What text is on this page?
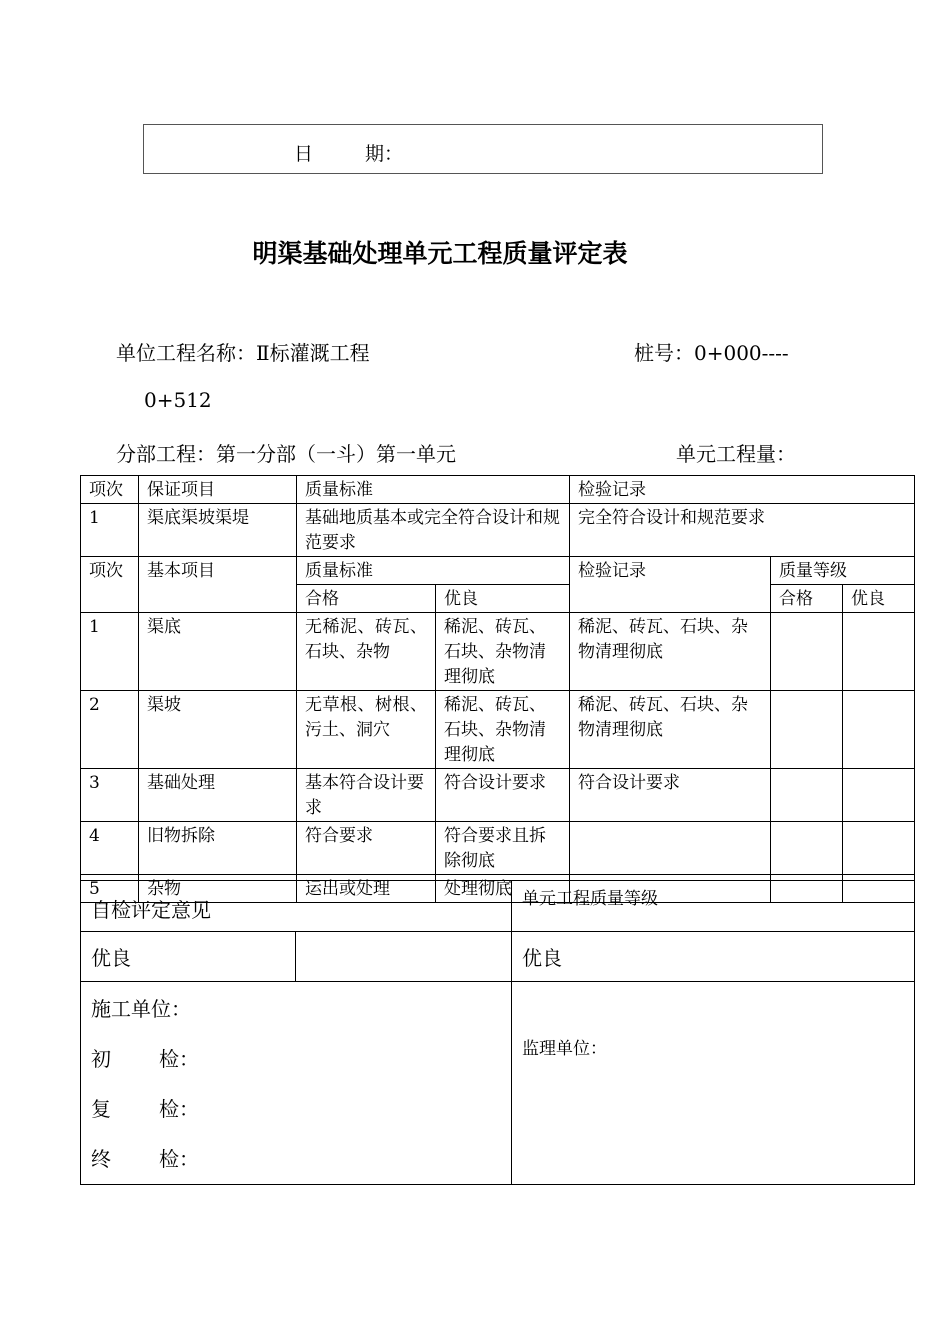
日	期：
明渠基础处理单元工程质量评定表
单位工程名称：Ⅱ标灌溉工程	桩号：0+000----
0+512
分部工程：第一分部（一斗）第一单元	单元工程量：
项次	保证项目	质量标准		检验记录		
1	渠底渠坡渠堤	基础地质基本或完全符合设计和规范要求		完全符合设计和规范要求		
项次	基本项目	质量标准		检验记录	质量等级	
		合格	优良		合格	优良
1	渠底	无稀泥、砖瓦、石块、杂物	稀泥、砖瓦、石块、杂物清理彻底	稀泥、砖瓦、石块、杂物清理彻底		
2	渠坡	无草根、树根、污土、洞穴	稀泥、砖瓦、石块、杂物清理彻底	稀泥、砖瓦、石块、杂物清理彻底		
3	基础处理	基本符合设计要求	符合设计要求	符合设计要求		
4	旧物拆除	符合要求	符合要求且拆除彻底			
5	杂物	运出或处理	处理彻底			
自检评定意见		单元工程质量等级
优良		优良

施工单位：
初 检：
复 检：
终 检：		监理单位：
